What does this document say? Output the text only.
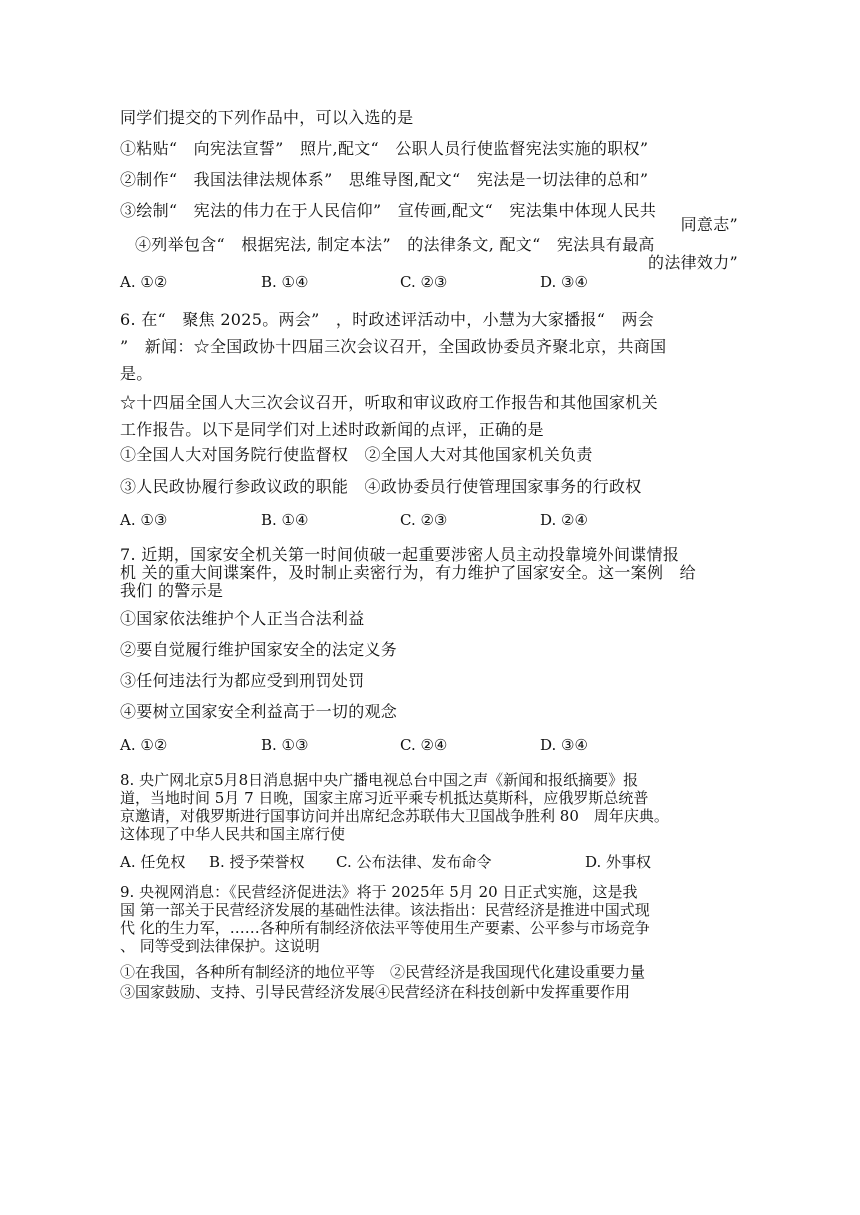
同学们提交的下列作品中，可以入选的是
①粘贴“　向宪法宣誓”　照片,配文“　公职人员行使监督宪法实施的职权”
②制作“　我国法律法规体系”　思维导图,配文“　宪法是一切法律的总和”
③绘制“　宪法的伟力在于人民信仰”　宣传画,配文“　宪法集中体现人民共
同意志”
④列举包含“　根据宪法, 制定本法”　的法律条文, 配文“　宪法具有最高
的法律效力”
A. ①②	B. ①④	C. ②③	D. ③④
6. 在“　聚焦 2025。两会”　，时政述评活动中，小慧为大家播报“　两会
”　新闻：☆全国政协十四届三次会议召开，全国政协委员齐聚北京，共商国
是。
☆十四届全国人大三次会议召开，听取和审议政府工作报告和其他国家机关
工作报告。以下是同学们对上述时政新闻的点评，正确的是
①全国人大对国务院行使监督权　②全国人大对其他国家机关负责
③人民政协履行参政议政的职能　④政协委员行使管理国家事务的行政权
A. ①③	B. ①④	C. ②③	D. ②④
7. 近期，国家安全机关第一时间侦破一起重要涉密人员主动投靠境外间谍情报
机 关的重大间谍案件，及时制止卖密行为，有力维护了国家安全。这一案例　给
我们 的警示是
①国家依法维护个人正当合法利益
②要自觉履行维护国家安全的法定义务
③任何违法行为都应受到刑罚处罚
④要树立国家安全利益高于一切的观念
A. ①②	B. ①③	C. ②④	D. ③④
8. 央广网北京5月8日消息据中央广播电视总台中国之声《新闻和报纸摘要》报
道，当地时间 5月 7 日晚，国家主席习近平乘专机抵达莫斯科，应俄罗斯总统普
京邀请，对俄罗斯进行国事访问并出席纪念苏联伟大卫国战争胜利 80　周年庆典。
这体现了中华人民共和国主席行使
A. 任免权 B. 授予荣誉权 C. 公布法律、发布命令	D. 外事权
9. 央视网消息：《民营经济促进法》将于 2025年 5月 20 日正式实施，这是我
国 第一部关于民营经济发展的基础性法律。该法指出：民营经济是推进中国式现
代 化的生力军，……各种所有制经济依法平等使用生产要素、公平参与市场竞争
、 同等受到法律保护。这说明
①在我国，各种所有制经济的地位平等　②民营经济是我国现代化建设重要力量
③国家鼓励、支持、引导民营经济发展④民营经济在科技创新中发挥重要作用
